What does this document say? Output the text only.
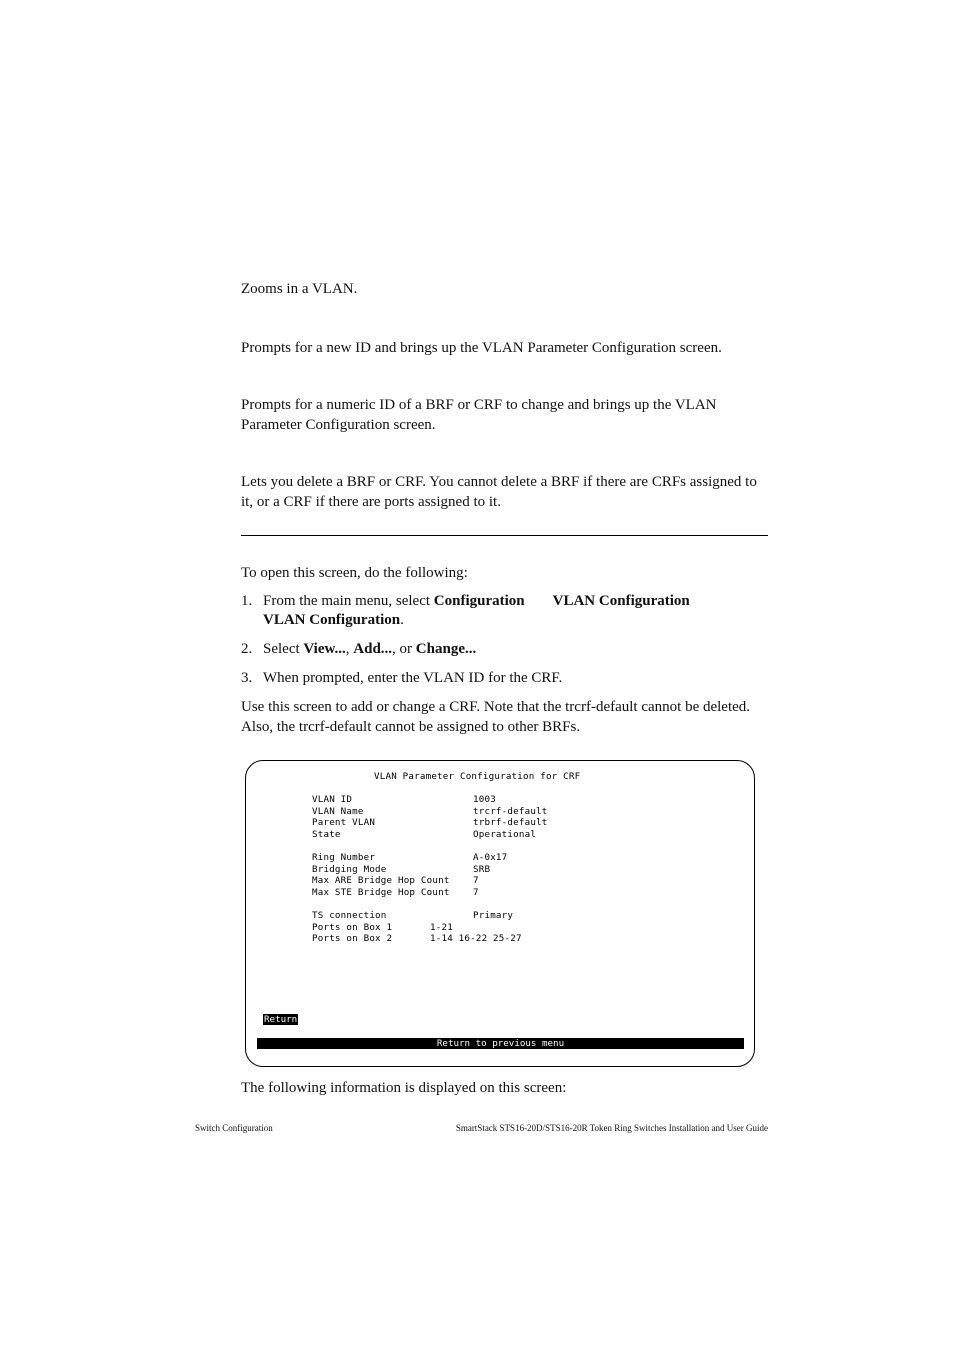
Zooms in a VLAN.

Prompts for a new ID and brings up the VLAN Parameter Configuration screen.

Prompts for a numeric ID of a BRF or CRF to change and brings up the VLAN Parameter Configuration screen.

Lets you delete a BRF or CRF. You cannot delete a BRF if there are CRFs assigned to it, or a CRF if there are ports assigned to it.

To open this screen, do the following:

1. From the main menu, select Configuration VLAN Configuration
VLAN Configuration.
2. Select View..., Add..., or Change...
3. When prompted, enter the VLAN ID for the CRF.

Use this screen to add or change a CRF. Note that the trcrf-default cannot be deleted. Also, the trcrf-default cannot be assigned to other BRFs.

VLAN Parameter Configuration for CRF
VLAN ID	1003
VLAN Name	trcrf-default
Parent VLAN	trbrf-default
State	Operational
Ring Number	A-0x17
Bridging Mode	SRB
Max ARE Bridge Hop Count	7
Max STE Bridge Hop Count	7
TS connection	Primary
Ports on Box 1	1-21
Ports on Box 2	1-14 16-22 25-27
Return
Return to previous menu

The following information is displayed on this screen:

Switch Configuration	SmartStack STS16-20D/STS16-20R Token Ring Switches Installation and User Guide
